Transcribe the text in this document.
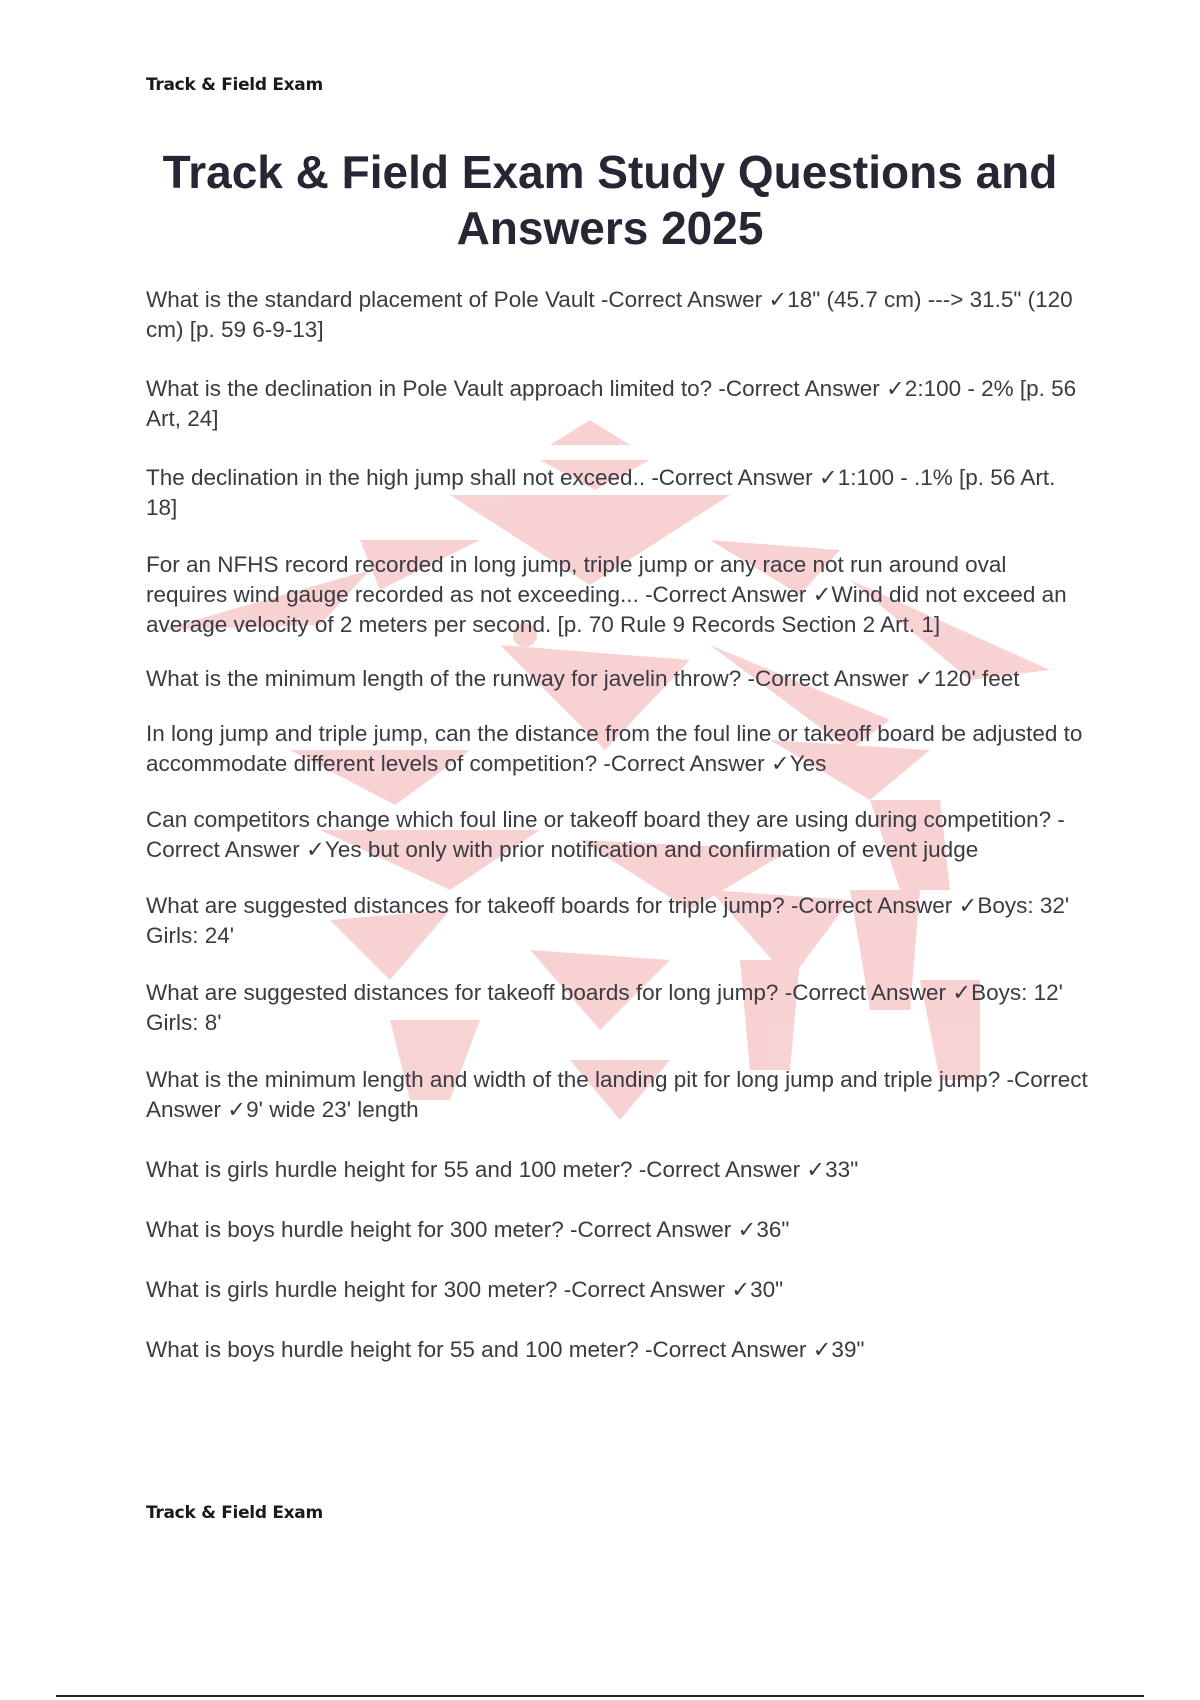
Track & Field Exam
Track & Field Exam Study Questions and Answers 2025

What is the standard placement of Pole Vault -Correct Answer ✓18" (45.7 cm) ---> 31.5" (120 cm) [p. 59 6-9-13]

What is the declination in Pole Vault approach limited to? -Correct Answer ✓2:100 - 2% [p. 56 Art, 24]

The declination in the high jump shall not exceed.. -Correct Answer ✓1:100 - .1% [p. 56 Art. 18]

For an NFHS record recorded in long jump, triple jump or any race not run around oval requires wind gauge recorded as not exceeding... -Correct Answer ✓Wind did not exceed an average velocity of 2 meters per second. [p. 70 Rule 9 Records Section 2 Art. 1]

What is the minimum length of the runway for javelin throw? -Correct Answer ✓120' feet

In long jump and triple jump, can the distance from the foul line or takeoff board be adjusted to accommodate different levels of competition? -Correct Answer ✓Yes

Can competitors change which foul line or takeoff board they are using during competition? -Correct Answer ✓Yes but only with prior notification and confirmation of event judge

What are suggested distances for takeoff boards for triple jump? -Correct Answer ✓Boys: 32' Girls: 24'

What are suggested distances for takeoff boards for long jump? -Correct Answer ✓Boys: 12' Girls: 8'

What is the minimum length and width of the landing pit for long jump and triple jump? -Correct Answer ✓9' wide 23' length

What is girls hurdle height for 55 and 100 meter? -Correct Answer ✓33"

What is boys hurdle height for 300 meter? -Correct Answer ✓36"

What is girls hurdle height for 300 meter? -Correct Answer ✓30"

What is boys hurdle height for 55 and 100 meter? -Correct Answer ✓39"

Track & Field Exam
